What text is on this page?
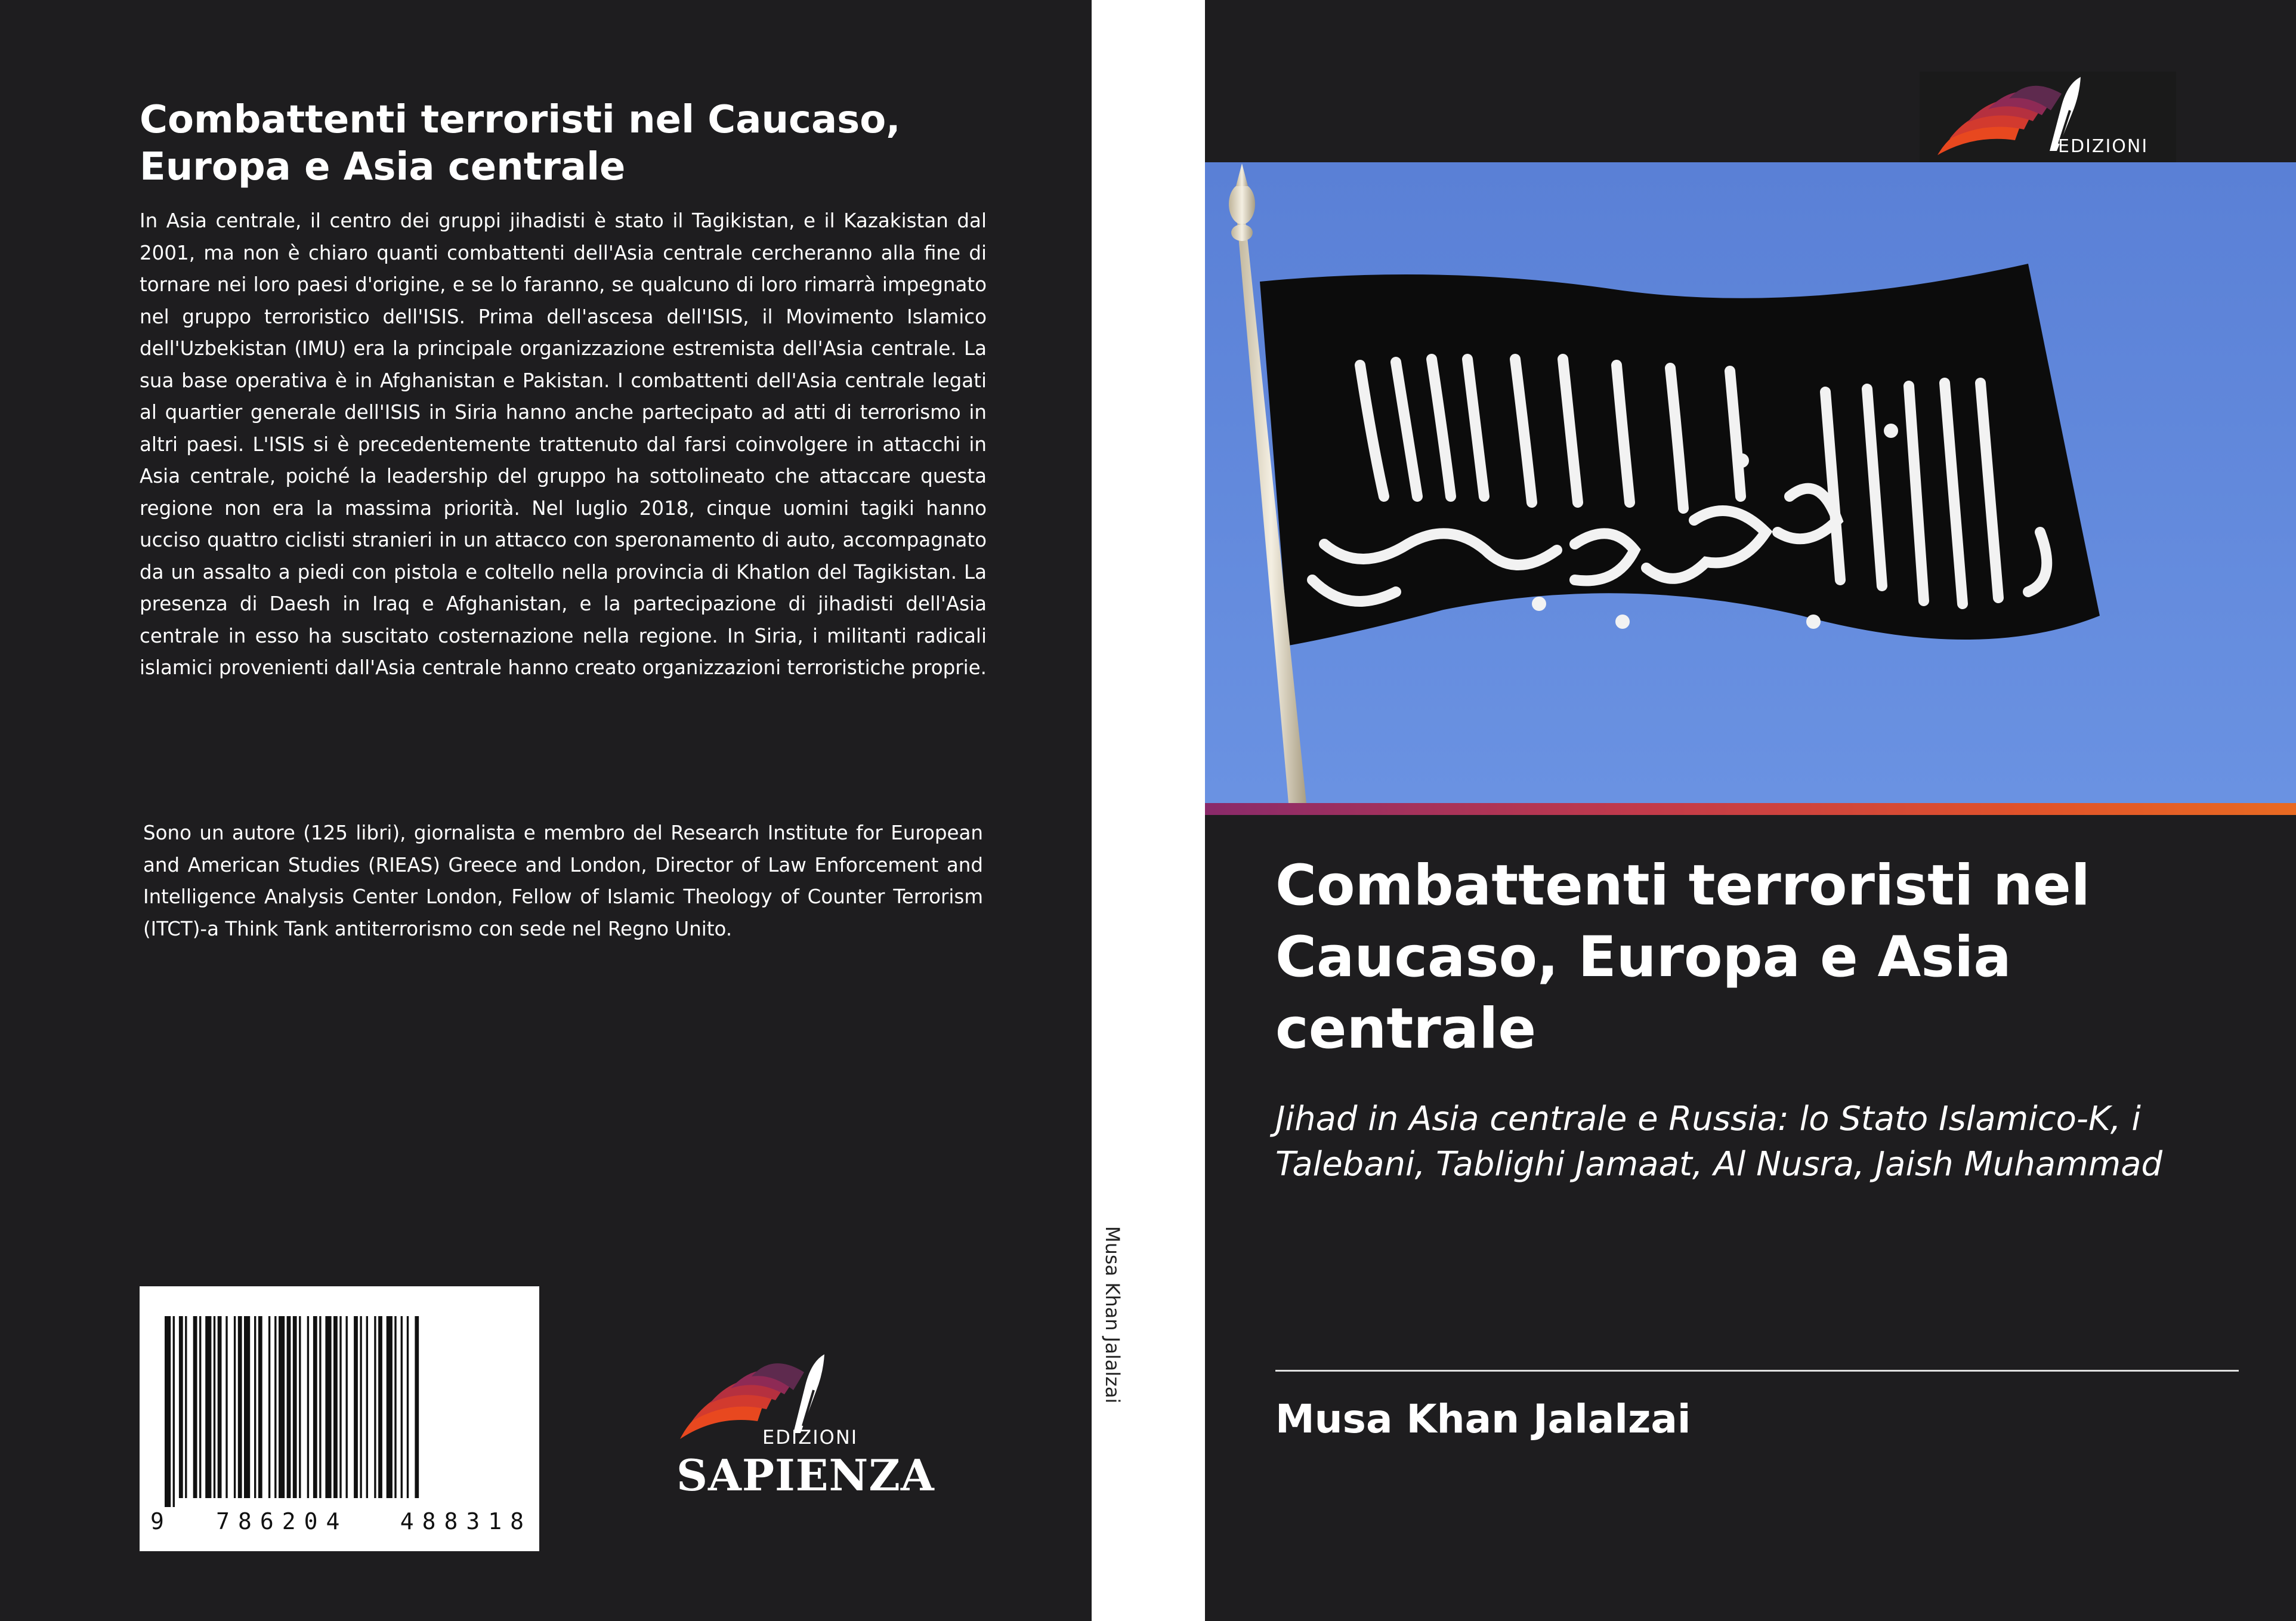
Combattenti terroristi nel Caucaso, Europa e Asia centrale

In Asia centrale, il centro dei gruppi jihadisti è stato il Tagikistan, e il Kazakistan dal 2001, ma non è chiaro quanti combattenti dell'Asia centrale cercheranno alla fine di tornare nei loro paesi d'origine, e se lo faranno, se qualcuno di loro rimarrà impegnato nel gruppo terroristico dell'ISIS. Prima dell'ascesa dell'ISIS, il Movimento Islamico dell'Uzbekistan (IMU) era la principale organizzazione estremista dell'Asia centrale. La sua base operativa è in Afghanistan e Pakistan. I combattenti dell'Asia centrale legati al quartier generale dell'ISIS in Siria hanno anche partecipato ad atti di terrorismo in altri paesi. L'ISIS si è precedentemente trattenuto dal farsi coinvolgere in attacchi in Asia centrale, poiché la leadership del gruppo ha sottolineato che attaccare questa regione non era la massima priorità. Nel luglio 2018, cinque uomini tagiki hanno ucciso quattro ciclisti stranieri in un attacco con speronamento di auto, accompagnato da un assalto a piedi con pistola e coltello nella provincia di Khatlon del Tagikistan. La presenza di Daesh in Iraq e Afghanistan, e la partecipazione di jihadisti dell'Asia centrale in esso ha suscitato costernazione nella regione. In Siria, i militanti radicali islamici provenienti dall'Asia centrale hanno creato organizzazioni terroristiche proprie.

Sono un autore (125 libri), giornalista e membro del Research Institute for European and American Studies (RIEAS) Greece and London, Director of Law Enforcement and Intelligence Analysis Center London, Fellow of Islamic Theology of Counter Terrorism (ITCT)-a Think Tank antiterrorismo con sede nel Regno Unito.

9 786204 488318
EDIZIONI
SAPIENZA
Musa Khan Jalalzai
EDIZIONI
Combattenti terroristi nel Caucaso, Europa e Asia centrale

Jihad in Asia centrale e Russia: lo Stato Islamico-K, i Talebani, Tablighi Jamaat, Al Nusra, Jaish Muhammad

Musa Khan Jalalzai
